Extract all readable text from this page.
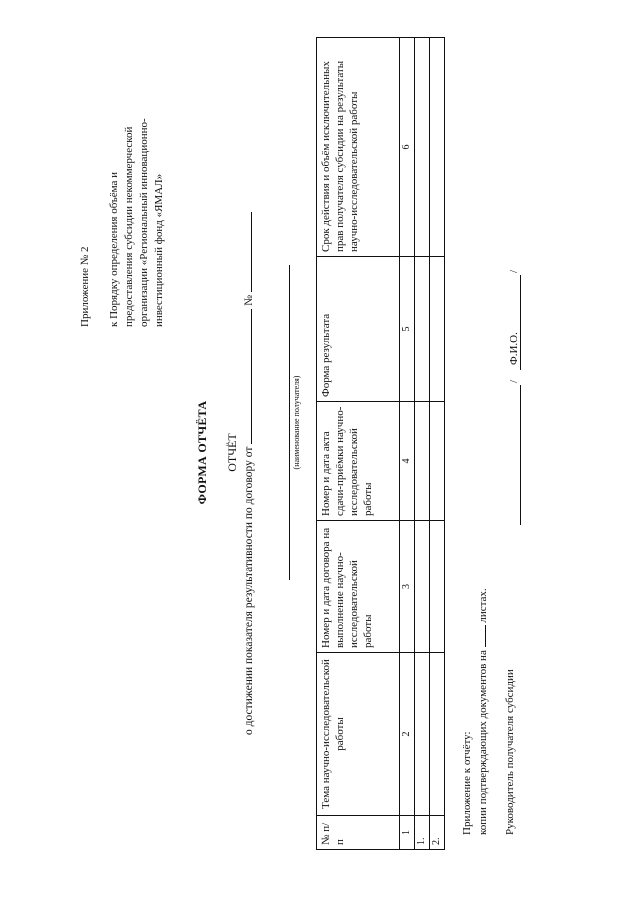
Приложение № 2 к Порядку определения объёма и предоставления субсидии некоммерческой организации «Региональный инновационно- инвестиционный фонд «ЯМАЛ»
ФОРМА ОТЧЁТА ОТЧЁТ о достижении показателя результативности по договору от  №
(наименование получателя)
№ п/п	Тема научно-исследовательской работы	Номер и дата договора на выполнение научно-исследовательской работы	Номер и дата акта сдачи-приёмки научно-исследовательской работы	Форма результата	Срок действия и объём исключительных прав получателя субсидии на результаты научно-исследовательской работы
1	2	3	4	5	6
1.					
2.					
Приложение к отчёту: копии подтверждающих документов на  листах.
Руководитель получателя субсидии
/
Ф.И.О.
/
